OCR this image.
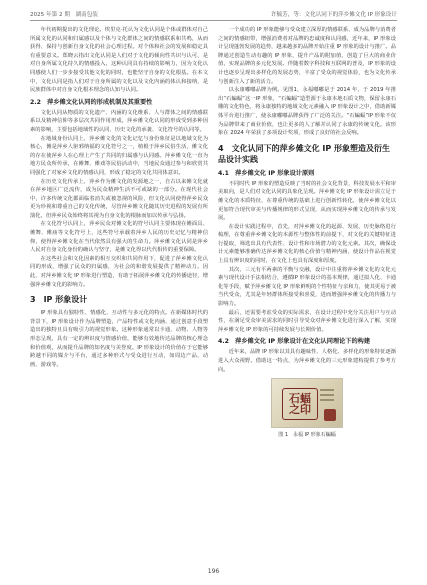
2025 年第 2 期　湖南包装	许毓芳，等：文化认同下的萍乡傩文化 IP 形象设计

年代初期提出的文化理论。埃里克·托认为文化认同是个体或群体对自己所属文化的认同和归属感以及个体与文化群体之间的情感联系和共鸣，从而获得、保持与创新自身文化的社会心理过程。对个体和社会的发展和稳定具有重要意义。郑晓云指出文化认同是人们对于文化的倾向性共识与认可，是对自身所属文化持久的情感投入，这种认同具有持续的影响力，因为文化认同感使人们一步步接受其他文化的同时，也能坚守自身的文化根基。在本文中，文化认同是指人们对于自身所属的文化以及文化内涵的体认和接纳，是民族群体中对自身文化根本理念的认知与认同。

2.2　萍乡傩文化认同的形成机制及其重要性

文化认同从物质的文化遗产、内涵的文化维系、人与群体之间的情感联系以及精神信仰等多层次共同作用形成，萍乡傩文化认同的形成受到多种因素的影响，主要包括地域性的认同、历史文化的承袭、文化符号的认同等。

在地域身份认同上，萍乡傩文化的文化记忆与身份象征是以地域文化为核心，傩是萍乡人驱邪纳福的文化符号之一，植根于萍乡民俗生活，傩文化的存在使萍乡人在心理上产生了共同的归属感与认同感。萍乡傩文化一直为地方民众所传承，在傩舞、傩戏等民俗活动中，当地民众通过参与和欣赏共同强化了对家乡文化的情感认同，形成了稳定的文化共同体意识。

在历史文化传承上，萍乡作为傩文化的发源地之一，自古以来傩文化就在萍乡地区广泛流传，成为民众精神生活不可或缺的一部分。在现代社会中，许多传统文化都面临着消失或被忽视的风险，但文化认同使得萍乡民众更为珍视和尊重自己的文化传统，尽管萍乡傩文化随其历史进程的发展有所演化，但萍乡民众始终将其视为自身文化的根脉而加以传承与弘扬。

在文化符号认同上，萍乡民众对傩文化的符号认同主要体现在傩面具、傩舞、傩庙等文化符号上，这些符号承载着萍乡人民的历史记忆与精神信仰，使得萍乡傩文化在当代依然具有强大的生命力。萍乡傩文化认同是萍乡人民对自身文化身份的确认与坚守，是傩文化得以代代相传的重要保障。

在这些社会和文化因素的相互交织和共同作用下，促进了萍乡傩文化认同的形成，增强了民众的归属感，为社会的和谐发展提供了精神动力。因此，对萍乡傩文化 IP 形象进行塑造，有助于拓展萍乡傩文化的传播途径，增强萍乡傩文化的影响力。

3　IP 形象设计

IP 形象具有独特性、情感化、互动性与多元化的特点。在新媒体时代的背景下，IP 形象设计作为品牌塑造，产品特性或文化内涵、通过创意手段塑造出的独特且具有吸引力的视觉形象。这种形象通常以卡通、动物、人物等形态呈现，具有一定的辨识度与情感价值，能够有效地传达品牌的核心理念和价值观，从而提升品牌的知名度与美誉度。IP 形象设计的价值在于它能够跨越不同的媒介与平台，通过多种形式与受众进行互动，如周边产品、动画、游戏等。

一个成功的 IP 形象能够与受众建立深厚的情感联系，成为品牌与消费者之间的情感纽带，增强消费者对品牌的忠诚度和认同感，近年来，IP 形象设计呈现蓬勃发展的趋势，越来越多的品牌开始注重 IP 形象的设计与推广。品牌通过创造生动有趣的 IP 形象，提升产品的附加值，创造了巨大的商业价值，实现品牌的多元化发展。伴随着数字科技和互联网的普及，IP 形象的设计也逐步呈现出多样化的发展态势，丰富了受众的视觉体验，也为文化传承与创新注入了新的活力。

以永康嘟嘟品牌为例。见图1，永福嘟嘟是于 2014 年，于 2019 年推出“石蝙蝠”这一IP 形象，“石蝙蝠”造型源于永康本地石质文物，保留永康石雕的文化特色，将永康独特的地域文化元素融入 IP 形象设计之中，借助新媒体平台进行推广，使永康嘟嘟品牌获得了广泛的关注。“石蝙蝠”IP 形象不仅为品牌带来了商业价值，也让更多的人了解并认同了永康的传统文化。该形象在 2024 年荣获了多项设计奖项，形成了良好的社会反响。

4　文化认同下的萍乡傩文化 IP 形象塑造及衍生品设计实践
4.1　萍乡傩文化 IP 形象设计原则

不同时代 IP 形象的塑造反映了当时的社会文化背景，科技发展水平和审美取向，是人们对文化认同的具象化呈现。萍乡傩文化 IP 形象设计需立足于傩文化的本质特征，在尊重传统的基础上进行创新性转化，使萍乡傩文化以更加符合现代审美与传播规律的形式呈现，从而实现萍乡傩文化的传承与发展。

在设计实践过程中，首先，对萍乡傩文化的起源、发展，历史脉络进行梳理，在尊重萍乡傩文化的本源性与整体性的前提下，对文化的关键特征进行提取，筛选出具有代表性、设计性和市场潜力的文化元素。其次，确保设计元素能够准确传达萍乡傩文化的核心价值与精神内涵，使设计作品在视觉上具有辨识度的同时，在文化上也具有深度和厚度。

其次，三元有平两素的平衡与交融，设计中注重将萍乡傩文化的文化元素与现代设计手法相结合，遵循IP 形象设计的基本规律，通过拟人化、卡通化等手段，赋予萍乡傩文化 IP 形象鲜明的个性特征与亲和力，使其更易于被当代受众，尤其是年轻群体所接受和喜爱，进而增强萍乡傩文化的传播力与影响力。

最后，还需要考虑受众的实际需求，在设计过程中充分关注用户与互动性，在满足受众审美需求的同时引导受众对萍乡傩文化进行深入了解，实现萍乡傩文化 IP 形象的可持续发展与长期价值。

4.2　萍乡傩文化 IP 形象设计在文化认同理论下的构建

近年来，品牌 IP 形象以其具有趣味性、人格化、多样化的形象特征逐渐进入大众视野。借助这一特点，为萍乡傩文化的三元形象建构提供了参考方向。

石蝠
之印
图 1　永福 IP 形象石蝙蝠
196
